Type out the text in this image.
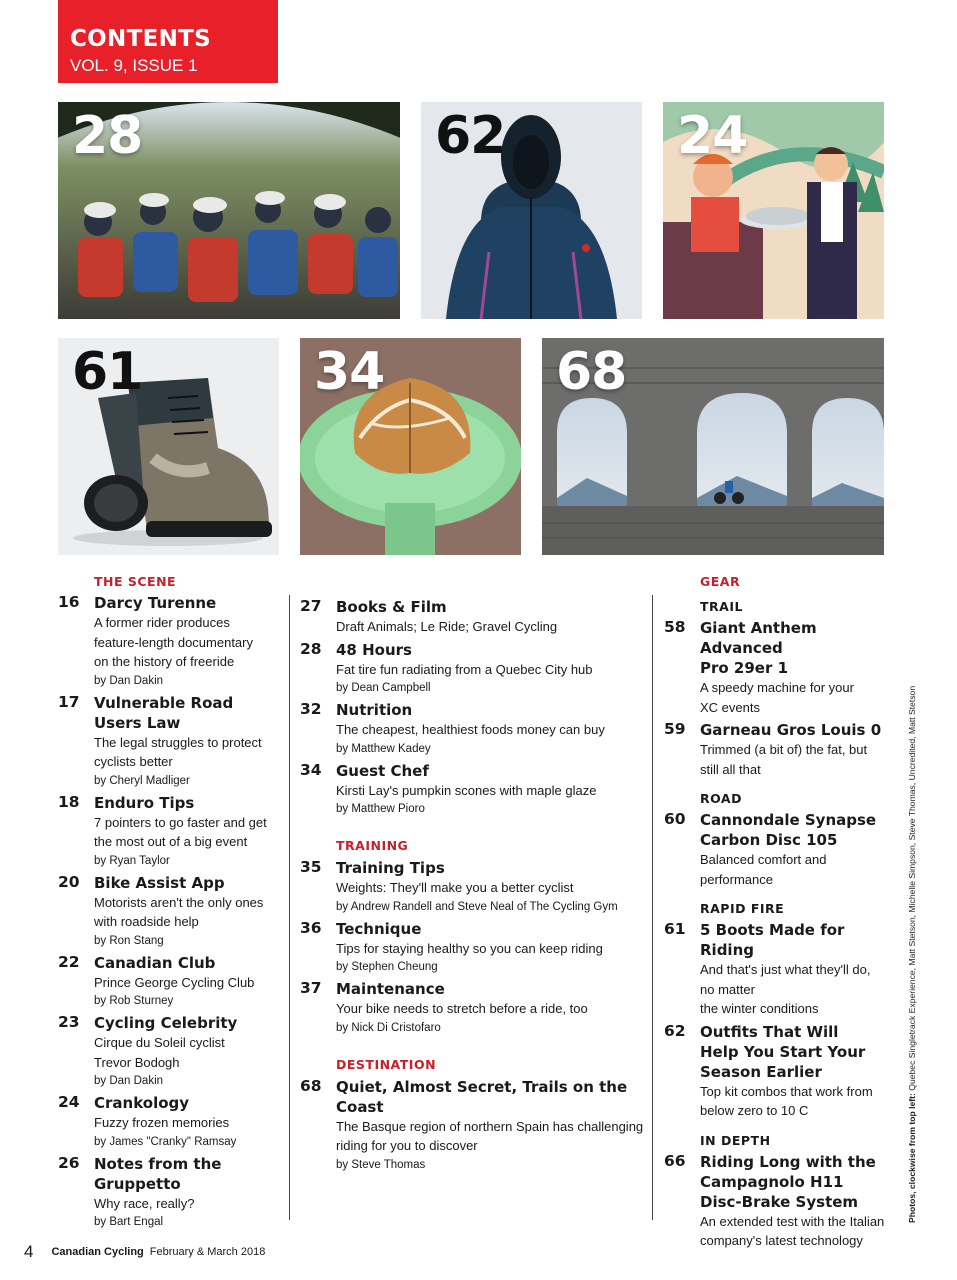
CONTENTS
VOL. 9, ISSUE 1
28	62	24
61	34	68
THE SCENE
16 Darcy Turenne
A former rider produces
feature-length documentary
on the history of freeride
by Dan Dakin
17 Vulnerable Road
Users Law
The legal struggles to protect
cyclists better
by Cheryl Madliger
18 Enduro Tips
7 pointers to go faster and get
the most out of a big event
by Ryan Taylor
20 Bike Assist App
Motorists aren't the only ones
with roadside help
by Ron Stang
22 Canadian Club
Prince George Cycling Club
by Rob Sturney
23 Cycling Celebrity
Cirque du Soleil cyclist
Trevor Bodogh
by Dan Dakin
24 Crankology
Fuzzy frozen memories
by James "Cranky" Ramsay
26 Notes from the Gruppetto
Why race, really?
by Bart Engal
27 Books & Film
Draft Animals; Le Ride; Gravel Cycling
28 48 Hours
Fat tire fun radiating from a Quebec City hub
by Dean Campbell
32 Nutrition
The cheapest, healthiest foods money can buy
by Matthew Kadey
34 Guest Chef
Kirsti Lay's pumpkin scones with maple glaze
by Matthew Pioro
TRAINING
35 Training Tips
Weights: They'll make you a better cyclist
by Andrew Randell and Steve Neal of The Cycling Gym
36 Technique
Tips for staying healthy so you can keep riding
by Stephen Cheung
37 Maintenance
Your bike needs to stretch before a ride, too
by Nick Di Cristofaro
DESTINATION
68 Quiet, Almost Secret, Trails on the Coast
The Basque region of northern Spain has challenging
riding for you to discover
by Steve Thomas
GEAR
TRAIL
58 Giant Anthem Advanced
Pro 29er 1
A speedy machine for your
XC events
59 Garneau Gros Louis 0
Trimmed (a bit of) the fat, but
still all that
ROAD
60 Cannondale Synapse
Carbon Disc 105
Balanced comfort and
performance
RAPID FIRE
61 5 Boots Made for Riding
And that's just what they'll do,
no matter
the winter conditions
62 Outfits That Will
Help You Start Your
Season Earlier
Top kit combos that work from
below zero to 10 C
IN DEPTH
66 Riding Long with the
Campagnolo H11
Disc-Brake System
An extended test with the Italian
company's latest technology
Photos, clockwise from top left: Quebec Singletrack Experience, Matt Stetson, Michelle Simpson, Steve Thomas, Uncredited, Matt Stetson
4 Canadian Cycling February & March 2018
